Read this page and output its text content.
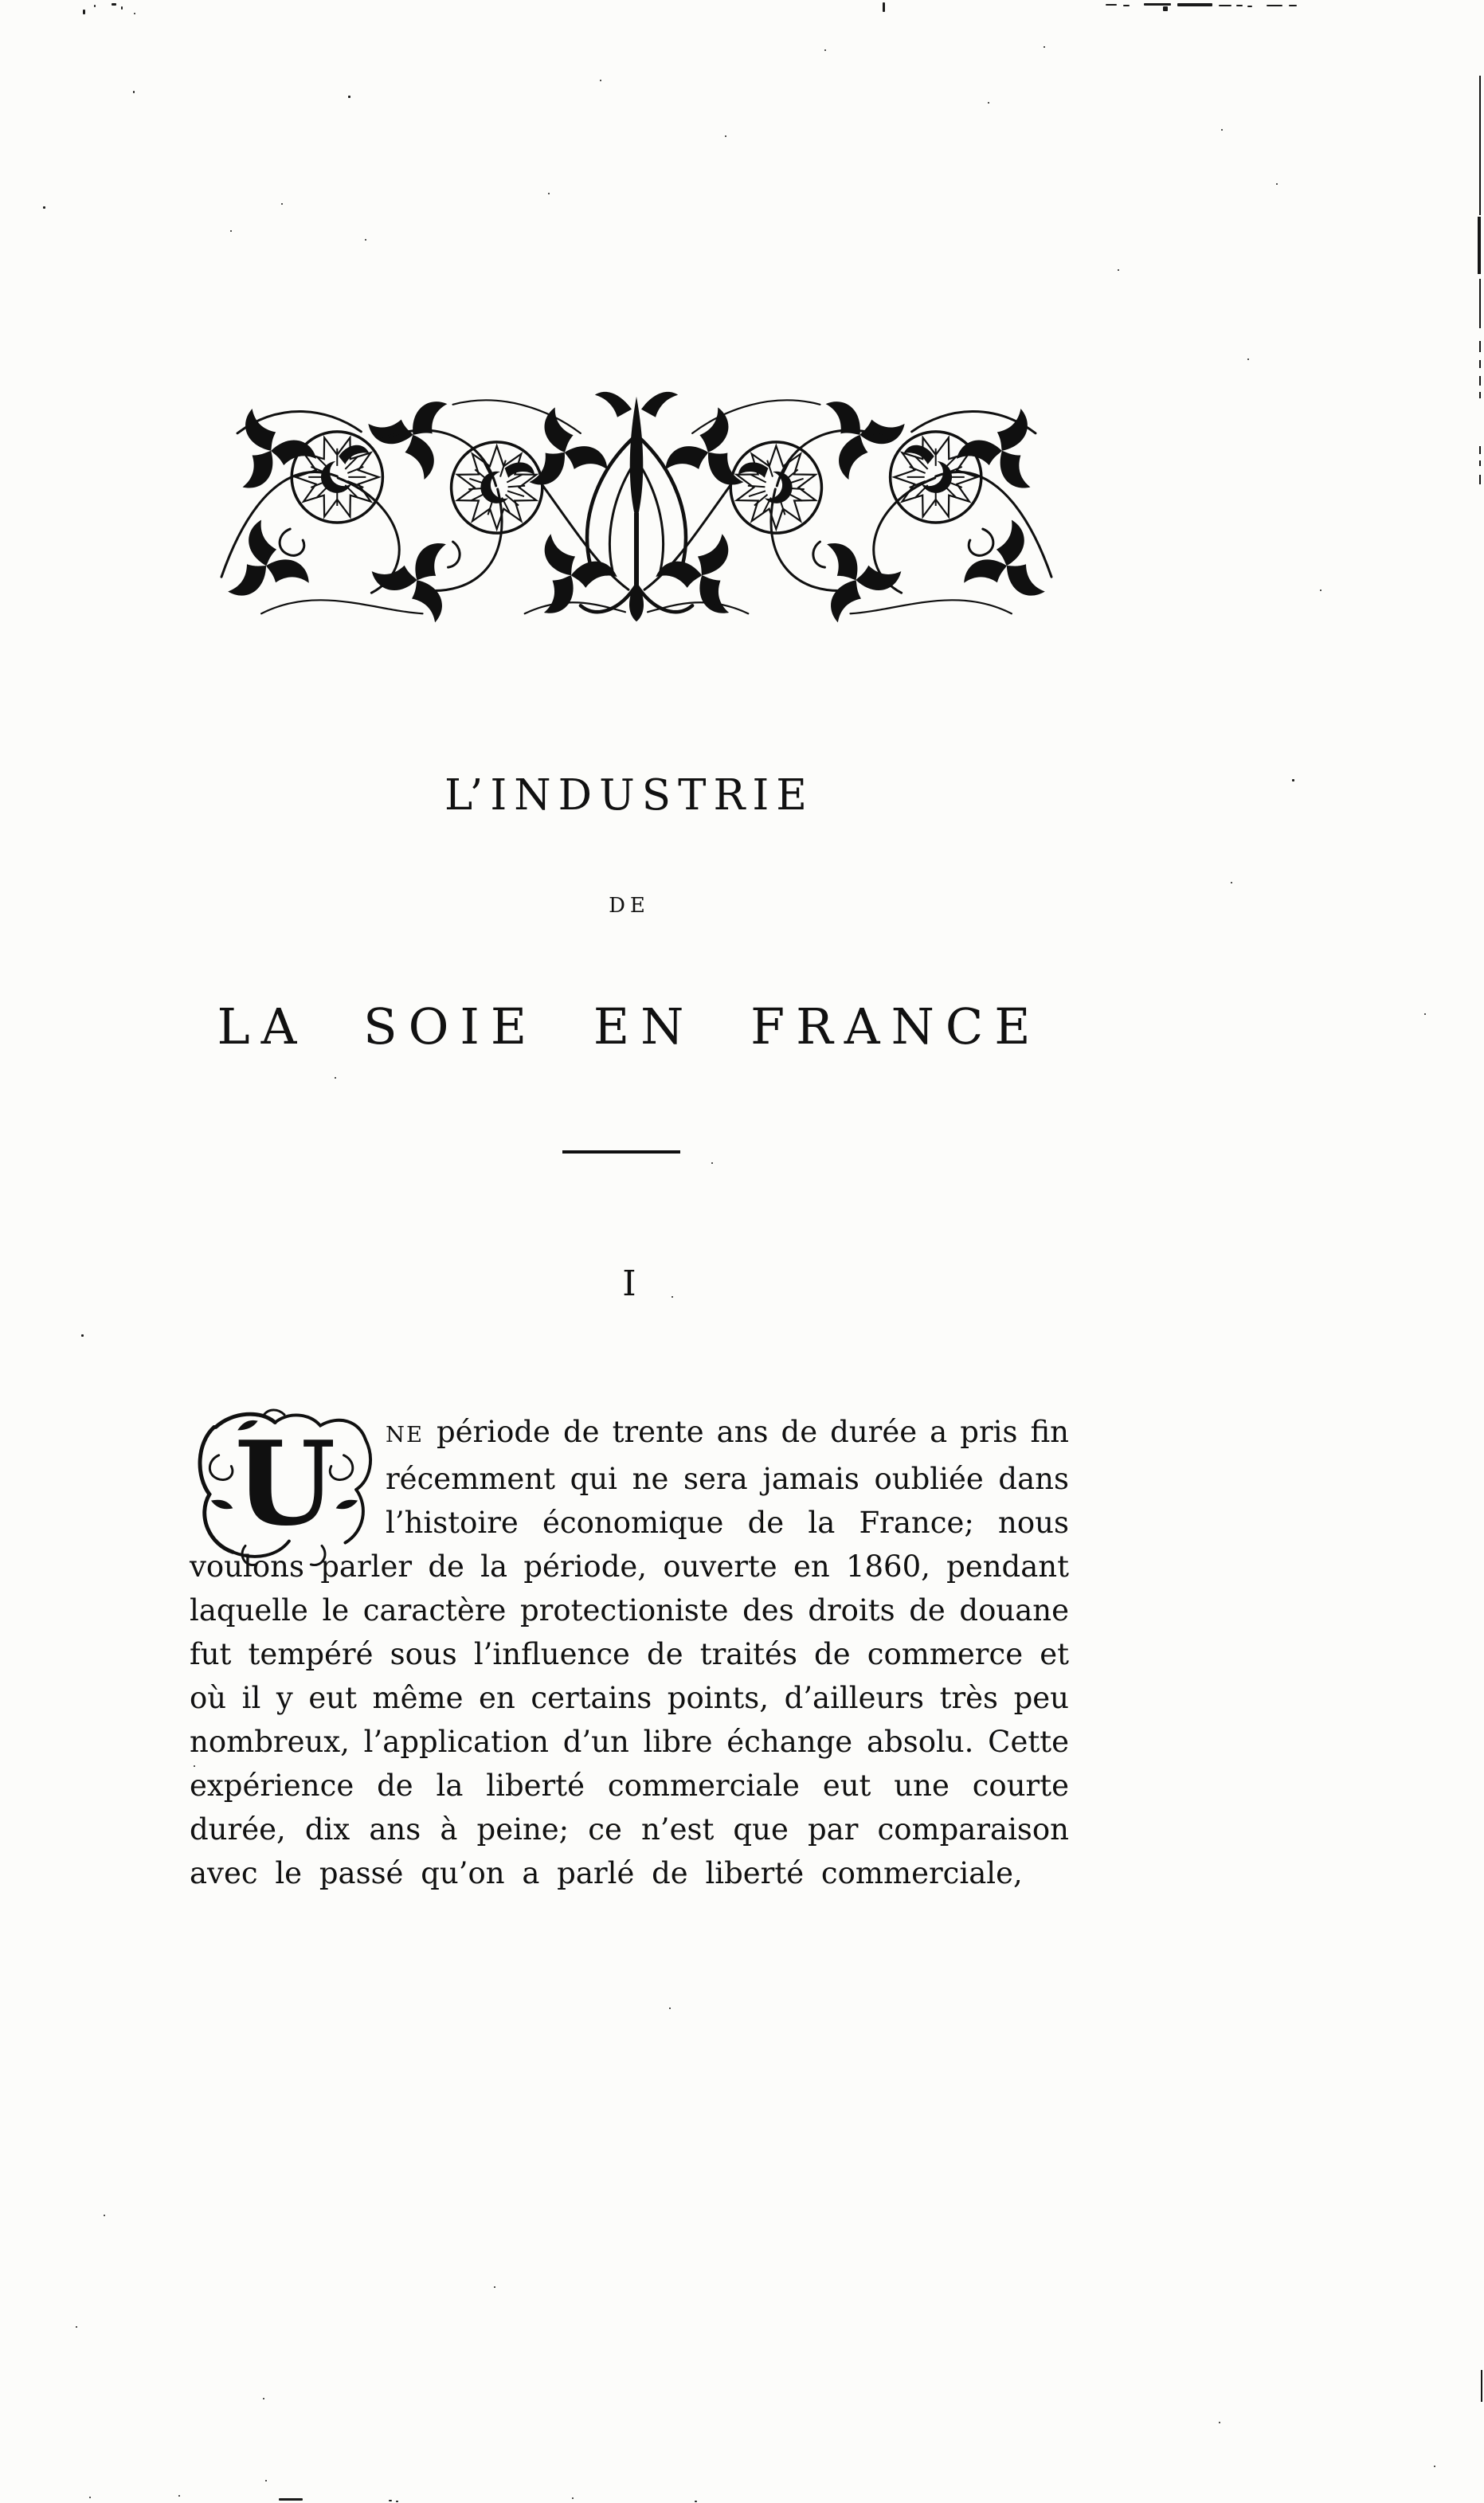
L’INDUSTRIE
DE
LA SOIE EN FRANCE
I
U	NE période de trente ans de durée a pris fin
récemment qui ne sera jamais oubliée dans
l’histoire économique de la France; nous
voulons parler de la période, ouverte en 1860, pendant
laquelle le caractère protectioniste des droits de douane
fut tempéré sous l’influence de traités de commerce et
où il y eut même en certains points, d’ailleurs très peu
nombreux, l’application d’un libre échange absolu. Cette
expérience de la liberté commerciale eut une courte
durée, dix ans à peine; ce n’est que par comparaison
avec le passé qu’on a parlé de liberté commerciale,
